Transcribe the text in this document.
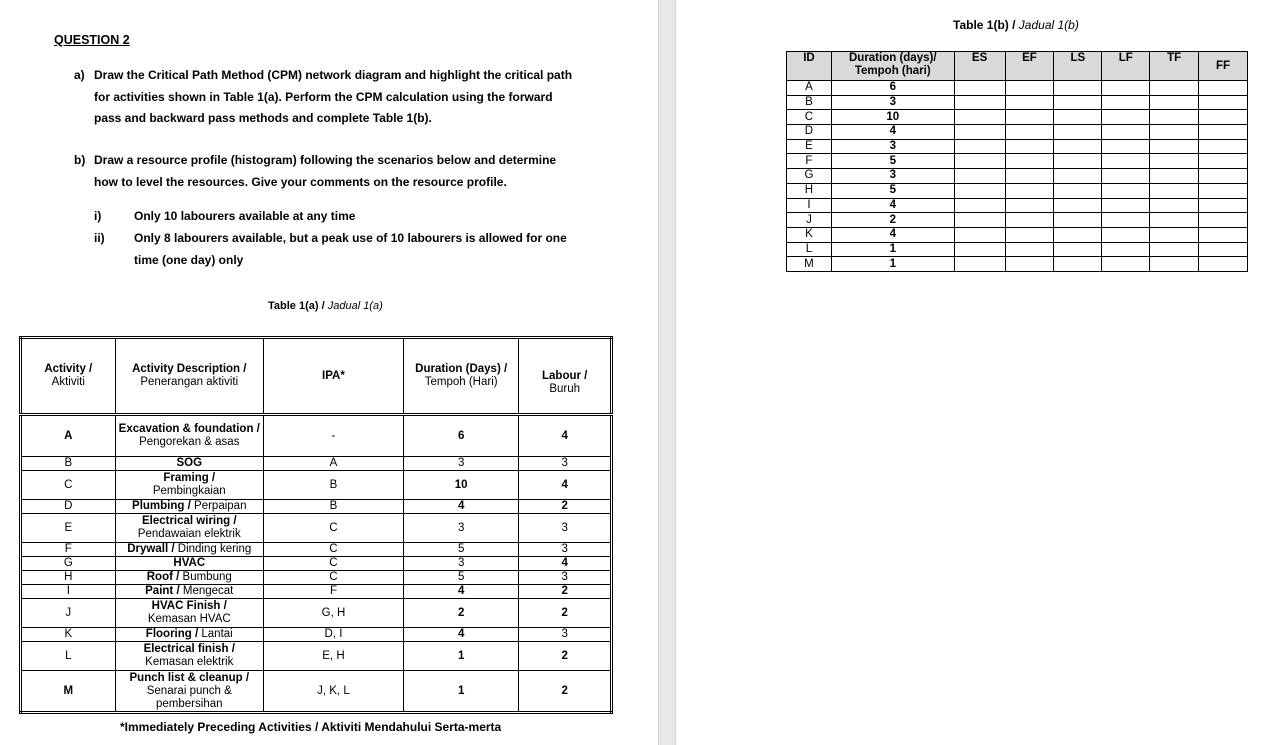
QUESTION 2
a) Draw the Critical Path Method (CPM) network diagram and highlight the critical path
for activities shown in Table 1(a). Perform the CPM calculation using the forward
pass and backward pass methods and complete Table 1(b).
b) Draw a resource profile (histogram) following the scenarios below and determine
how to level the resources. Give your comments on the resource profile.
i)	Only 10 labourers available at any time
ii) Only 8 labourers available, but a peak use of 10 labourers is allowed for one
time (one day) only
Table 1(a) / Jadual 1(a)
Activity /
Aktiviti	Activity Description /
Penerangan aktiviti	IPA*	Duration (Days) /
Tempoh (Hari)	Labour /
Buruh
A	Excavation & foundation /
Pengorekan & asas	-	6	4
B	SOG	A	3	3
C	Framing /
Pembingkaian	B	10	4
D	Plumbing / Perpaipan	B	4	2
E	Electrical wiring /
Pendawaian elektrik	C	3	3
F	Drywall / Dinding kering	C	5	3
G	HVAC	C	3	4
H	Roof / Bumbung	C	5	3
I	Paint / Mengecat	F	4	2
J	HVAC Finish /
Kemasan HVAC	G, H	2	2
K	Flooring / Lantai	D, I	4	3
L	Electrical finish /
Kemasan elektrik	E, H	1	2
M	Punch list & cleanup /
Senarai punch & pembersihan	J, K, L	1	2
*Immediately Preceding Activities / Aktiviti Mendahului Serta-merta
Table 1(b) / Jadual 1(b)
ID	Duration (days)/
Tempoh (hari)	ES	EF	LS	LF	TF	FF
A	6						
B	3						
C	10						
D	4						
E	3						
F	5						
G	3						
H	5						
I	4						
J	2						
K	4						
L	1						
M	1						
